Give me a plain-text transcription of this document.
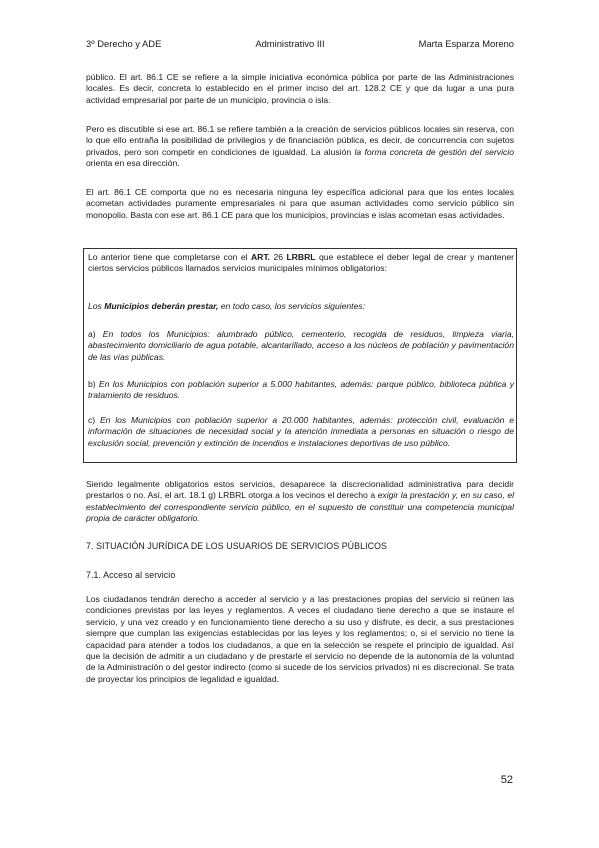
3º Derecho y ADE	Administrativo III	Marta Esparza Moreno

público. El art. 86.1 CE se refiere a la simple iniciativa económica pública por parte de las Administraciones locales. Es decir, concreta lo establecido en el primer inciso del art. 128.2 CE y que da lugar a una pura actividad empresarial por parte de un municipio, provincia o isla.

Pero es discutible si ese art. 86.1 se refiere también a la creación de servicios públicos locales sin reserva, con lo que ello entraña la posibilidad de privilegios y de financiación pública, es decir, de concurrencia con sujetos privados, pero son competir en condiciones de igualdad. La alusión la forma concreta de gestión del servicio orienta en esa dirección.

El art. 86.1 CE comporta que no es necesaria ninguna ley específica adicional para que los entes locales acometan actividades puramente empresariales ni para que asuman actividades como servicio público sin monopolio. Basta con ese art. 86.1 CE para que los municipios, provincias e islas acometan esas actividades.

Lo anterior tiene que completarse con el ART. 26 LRBRL que establece el deber legal de crear y mantener ciertos servicios públicos llamados servicios municipales mínimos obligatorios:

Los Municipios deberán prestar, en todo caso, los servicios siguientes:

a) En todos los Municipios: alumbrado público, cementerio, recogida de residuos, limpieza viaria, abastecimiento domiciliario de agua potable, alcantarillado, acceso a los núcleos de población y pavimentación de las vías públicas.

b) En los Municipios con población superior a 5.000 habitantes, además: parque público, biblioteca pública y tratamiento de residuos.

c) En los Municipios con población superior a 20.000 habitantes, además: protección civil, evaluación e información de situaciones de necesidad social y la atención inmediata a personas en situación o riesgo de exclusión social, prevención y extinción de incendios e instalaciones deportivas de uso público.

Siendo legalmente obligatorios estos servicios, desaparece la discrecionalidad administrativa para decidir prestarlos o no. Así, el art. 18.1 g) LRBRL otorga a los vecinos el derecho a exigir la prestación y, en su caso, el establecimiento del correspondiente servicio público, en el supuesto de constituir una competencia municipal propia de carácter obligatorio.

7. SITUACIÓN JURÍDICA DE LOS USUARIOS DE SERVICIOS PÚBLICOS

7.1. Acceso al servicio

Los ciudadanos tendrán derecho a acceder al servicio y a las prestaciones propias del servicio si reúnen las condiciones previstas por las leyes y reglamentos. A veces el ciudadano tiene derecho a que se instaure el servicio, y una vez creado y en funcionamiento tiene derecho a su uso y disfrute, es decir, a sus prestaciones siempre que cumplan las exigencias establecidas por las leyes y los reglamentos; o, si el servicio no tiene la capacidad para atender a todos los ciudadanos, a que en la selección se respete el principio de igualdad. Así que la decisión de admitir a un ciudadano y de prestarle el servicio no depende de la autonomía de la voluntad de la Administración o del gestor indirecto (como si sucede de los servicios privados) ni es discrecional. Se trata de proyectar los principios de legalidad e igualdad.

52
